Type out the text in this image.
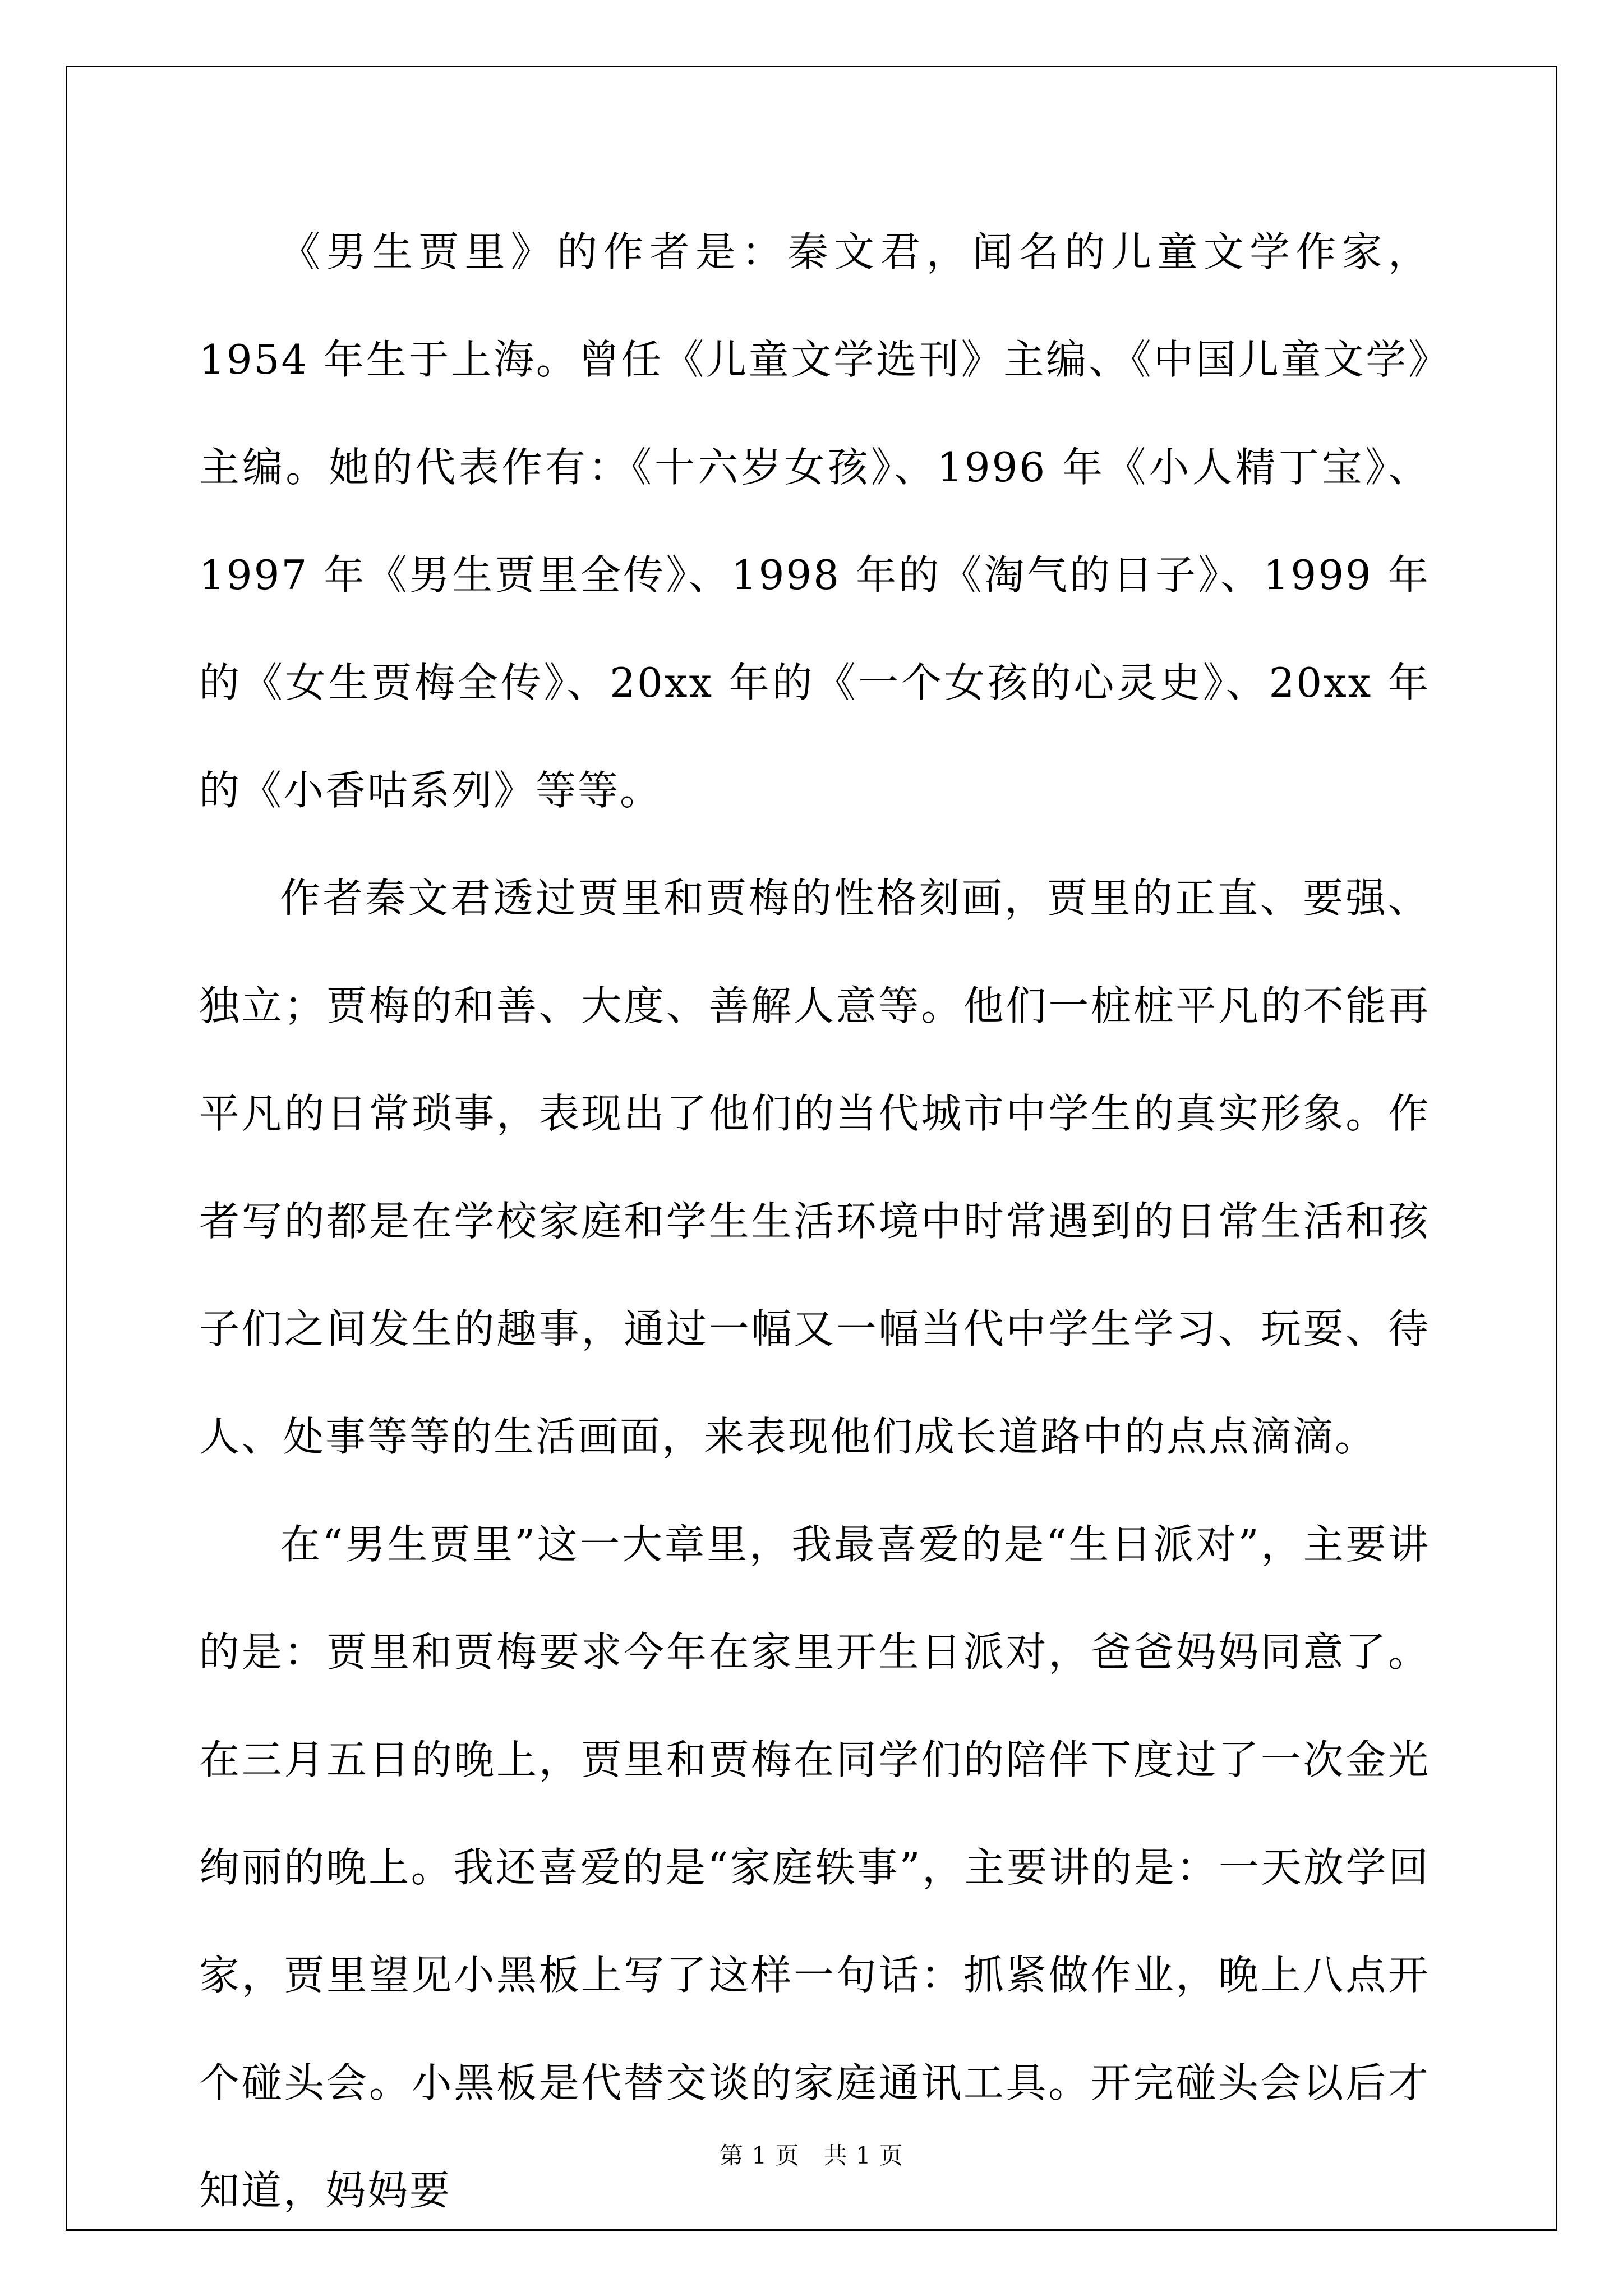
《男生贾里》的作者是：秦文君，闻名的儿童文学作家，1954 年生于上海。曾任《儿童文学选刊》主编、《中国儿童文学》主编。她的代表作有：《十六岁女孩》、1996 年《小人精丁宝》、1997 年《男生贾里全传》、1998 年的《淘气的日子》、1999 年的《女生贾梅全传》、20xx 年的《一个女孩的心灵史》、20xx 年的《小香咕系列》等等。

作者秦文君透过贾里和贾梅的性格刻画，贾里的正直、要强、独立；贾梅的和善、大度、善解人意等。他们一桩桩平凡的不能再平凡的日常琐事，表现出了他们的当代城市中学生的真实形象。作者写的都是在学校家庭和学生生活环境中时常遇到的日常生活和孩子们之间发生的趣事，通过一幅又一幅当代中学生学习、玩耍、待人、处事等等的生活画面，来表现他们成长道路中的点点滴滴。

在“男生贾里”这一大章里，我最喜爱的是“生日派对”，主要讲的是：贾里和贾梅要求今年在家里开生日派对，爸爸妈妈同意了。在三月五日的晚上，贾里和贾梅在同学们的陪伴下度过了一次金光绚丽的晚上。我还喜爱的是“家庭轶事”，主要讲的是：一天放学回家，贾里望见小黑板上写了这样一句话：抓紧做作业，晚上八点开个碰头会。小黑板是代替交谈的家庭通讯工具。开完碰头会以后才知道，妈妈要

第 1 页　共 1 页
